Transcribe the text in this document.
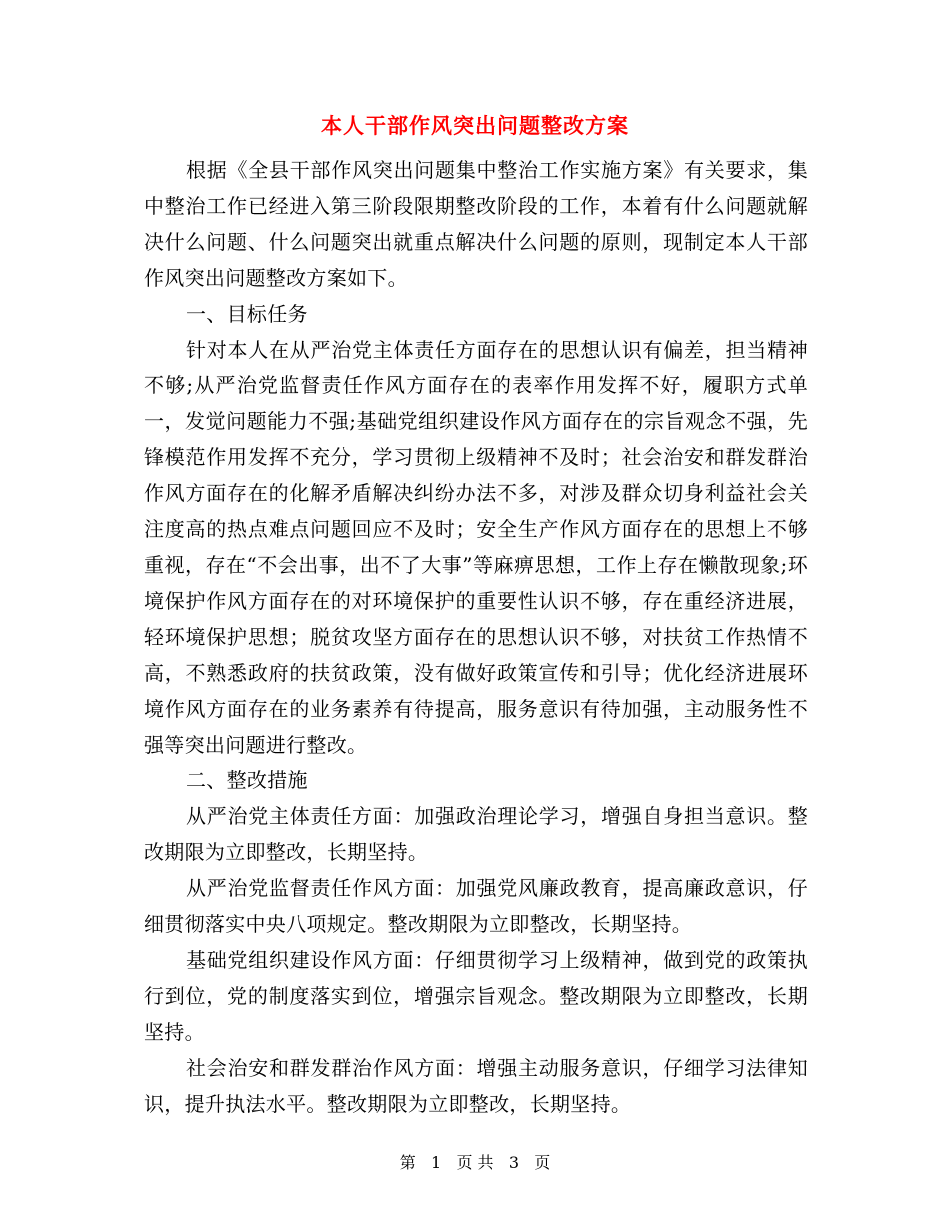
本人干部作风突出问题整改方案

根据《全县干部作风突出问题集中整治工作实施方案》有关要求，集中整治工作已经进入第三阶段限期整改阶段的工作，本着有什么问题就解决什么问题、什么问题突出就重点解决什么问题的原则，现制定本人干部作风突出问题整改方案如下。

一、目标任务

针对本人在从严治党主体责任方面存在的思想认识有偏差，担当精神不够;从严治党监督责任作风方面存在的表率作用发挥不好，履职方式单一，发觉问题能力不强;基础党组织建设作风方面存在的宗旨观念不强，先锋模范作用发挥不充分，学习贯彻上级精神不及时；社会治安和群发群治作风方面存在的化解矛盾解决纠纷办法不多，对涉及群众切身利益社会关注度高的热点难点问题回应不及时；安全生产作风方面存在的思想上不够重视，存在“不会出事，出不了大事”等麻痹思想，工作上存在懒散现象;环境保护作风方面存在的对环境保护的重要性认识不够，存在重经济进展，轻环境保护思想；脱贫攻坚方面存在的思想认识不够，对扶贫工作热情不高，不熟悉政府的扶贫政策，没有做好政策宣传和引导；优化经济进展环境作风方面存在的业务素养有待提高，服务意识有待加强，主动服务性不强等突出问题进行整改。

二、整改措施

从严治党主体责任方面：加强政治理论学习，增强自身担当意识。整改期限为立即整改，长期坚持。

从严治党监督责任作风方面：加强党风廉政教育，提高廉政意识，仔细贯彻落实中央八项规定。整改期限为立即整改，长期坚持。

基础党组织建设作风方面：仔细贯彻学习上级精神，做到党的政策执行到位，党的制度落实到位，增强宗旨观念。整改期限为立即整改，长期坚持。

社会治安和群发群治作风方面：增强主动服务意识，仔细学习法律知识，提升执法水平。整改期限为立即整改，长期坚持。

第 1 页 共 3 页
